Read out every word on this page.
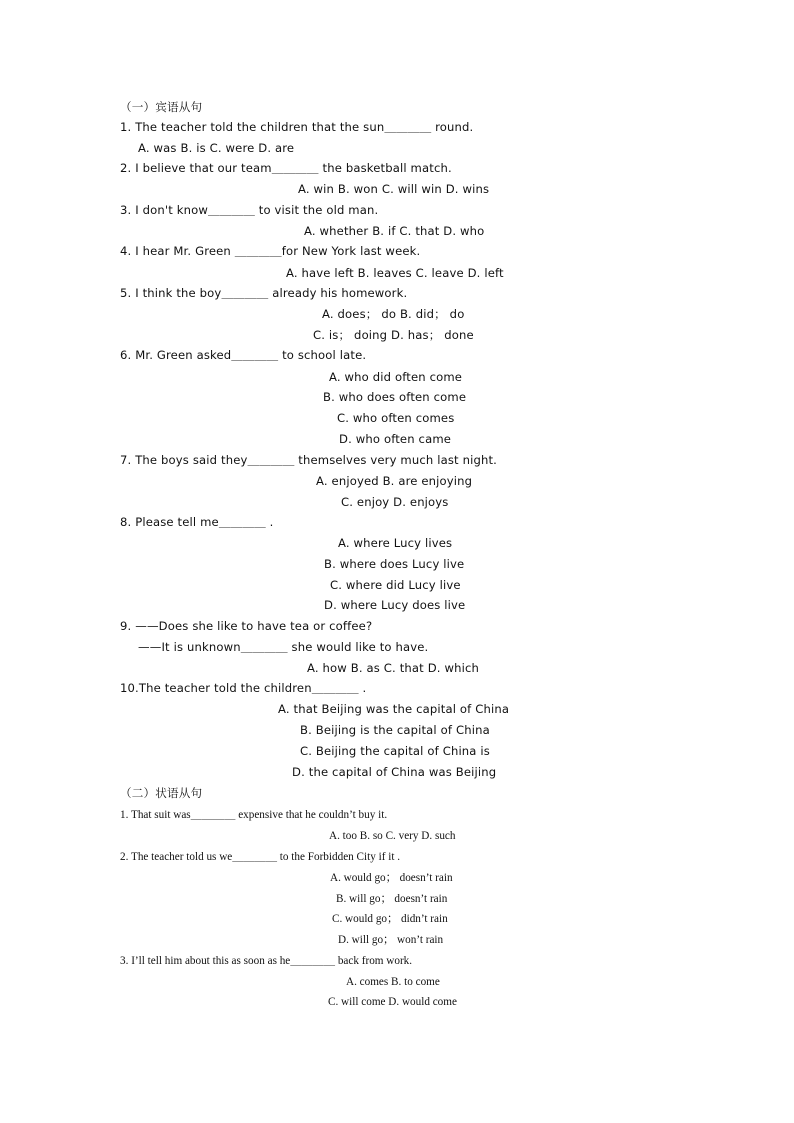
（一）宾语从句
1. The teacher told the children that the sun＿＿＿＿ round.
A. was B. is C. were D. are
2. I believe that our team＿＿＿＿ the basketball match.
A. win B. won C. will win D. wins
3. I don't know＿＿＿＿ to visit the old man.
A. whether B. if C. that D. who
4. I hear Mr. Green ＿＿＿＿for New York last week.
A. have left B. leaves C. leave D. left
5. I think the boy＿＿＿＿ already his homework.
A. does； do B. did； do
C. is； doing D. has； done
6. Mr. Green asked＿＿＿＿ to school late.
A. who did often come
B. who does often come
C. who often comes
D. who often came
7. The boys said they＿＿＿＿ themselves very much last night.
A. enjoyed B. are enjoying
C. enjoy D. enjoys
8. Please tell me＿＿＿＿ .
A. where Lucy lives
B. where does Lucy live
C. where did Lucy live
D. where Lucy does live
9. ——Does she like to have tea or coffee?
——It is unknown＿＿＿＿ she would like to have.
A. how B. as C. that D. which
10.The teacher told the children＿＿＿＿ .
A. that Beijing was the capital of China
B. Beijing is the capital of China
C. Beijing the capital of China is
D. the capital of China was Beijing
（二）状语从句
1. That suit was＿＿＿＿ expensive that he couldn’t buy it.
A. too B. so C. very D. such
2. The teacher told us we＿＿＿＿ to the Forbidden City if it .
A. would go； doesn’t rain
B. will go； doesn’t rain
C. would go； didn’t rain
D. will go； won’t rain
3. I’ll tell him about this as soon as he＿＿＿＿ back from work.
A. comes B. to come
C. will come D. would come
